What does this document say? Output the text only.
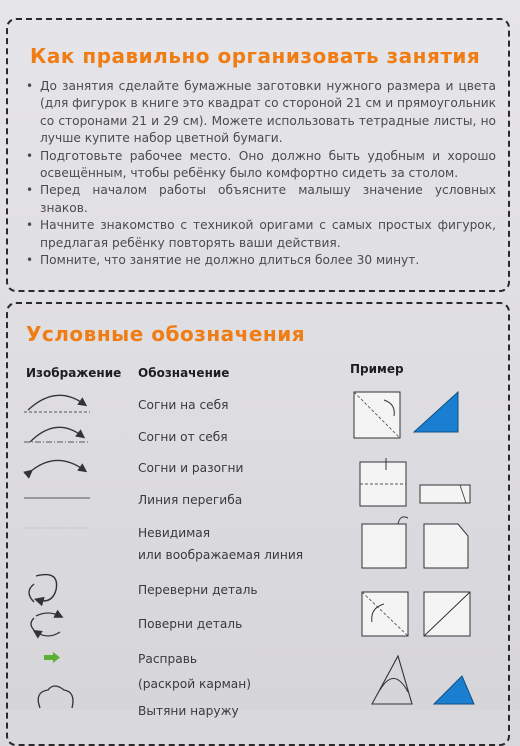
Как правильно организовать занятия
• До занятия сделайте бумажные заготовки нужного размера и цвета (для фигурок в книге это квадрат со стороной 21 см и прямоугольник со сторонами 21 и 29 см). Можете использовать тетрадные листы, но лучше купите набор цветной бумаги.
• Подготовьте рабочее место. Оно должно быть удобным и хорошо освещённым, чтобы ребёнку было комфортно сидеть за столом.
• Перед началом работы объясните малышу значение условных знаков.
• Начните знакомство с техникой оригами с самых простых фигурок, предлагая ребёнку повторять ваши действия.
• Помните, что занятие не должно длиться более 30 минут.
Условные обозначения
Изображение Обозначение	Пример
Согни на себя
Согни от себя
Согни и разогни
Линия перегиба
Невидимая
или воображаемая линия
Переверни деталь
Поверни деталь
Расправь
(раскрой карман)
Вытяни наружу
